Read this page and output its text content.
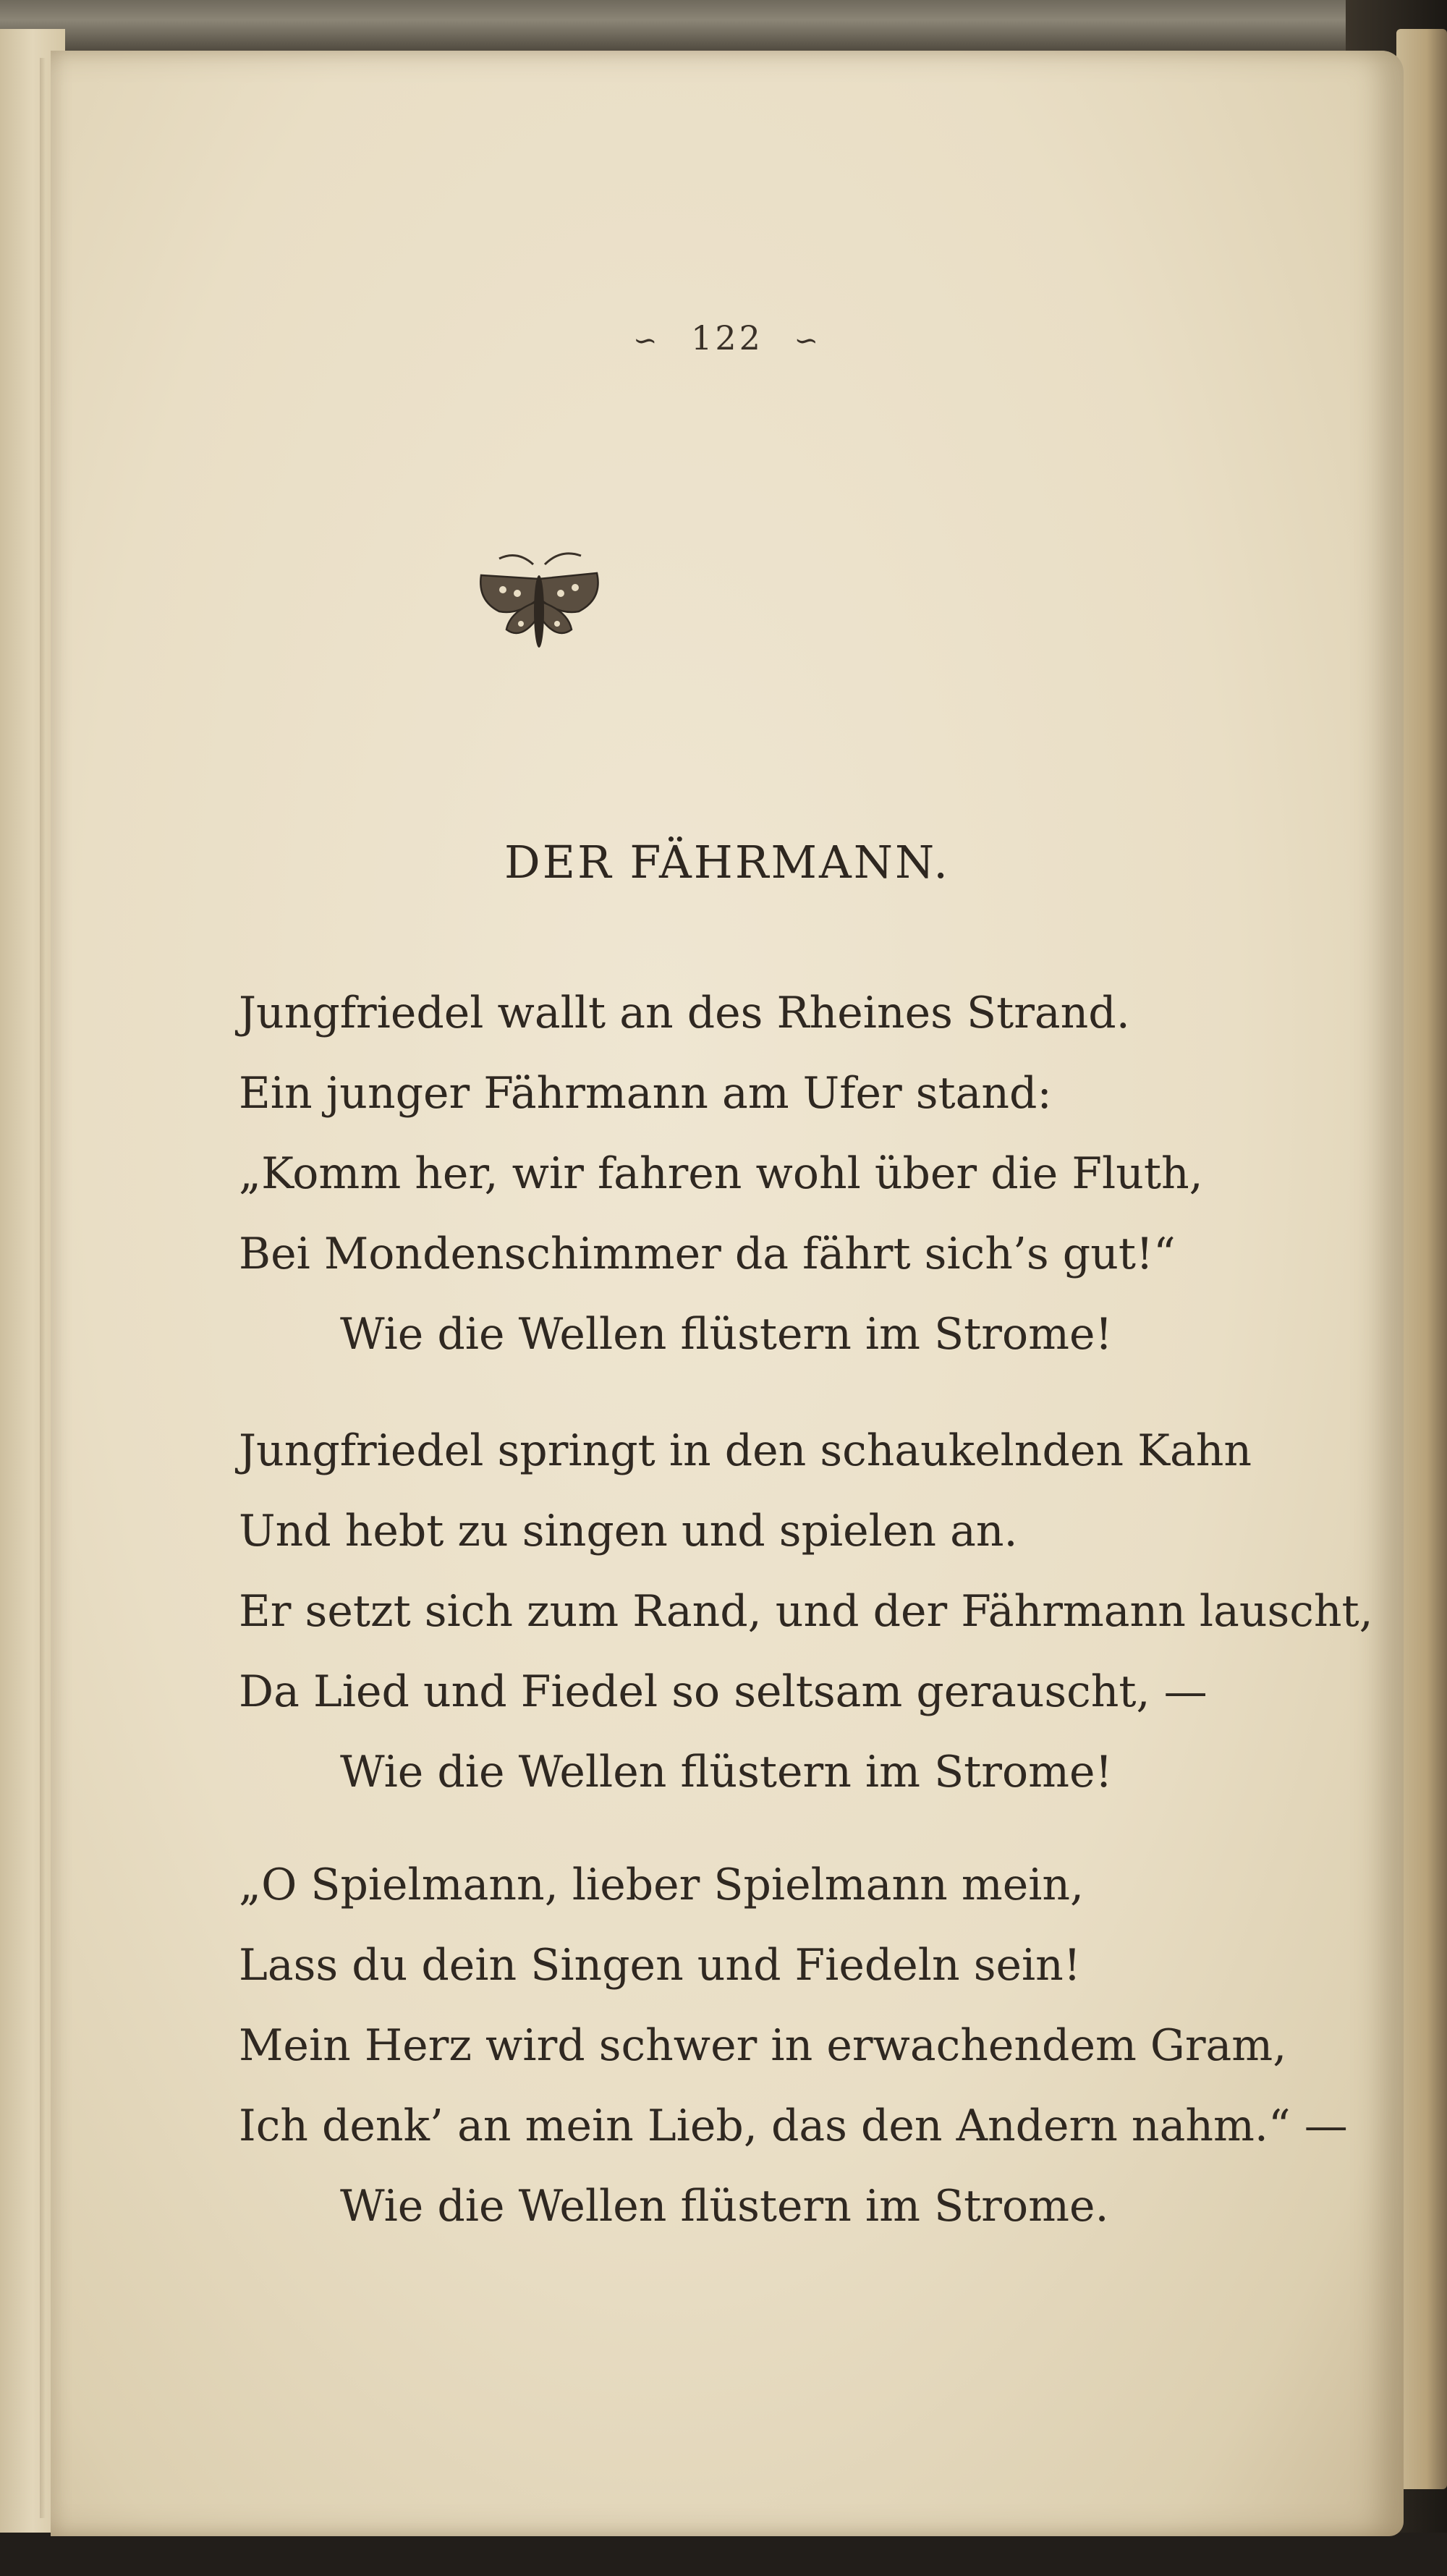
∽ 122 ∽
DER FÄHRMANN.
Jungfriedel wallt an des Rheines Strand.
Ein junger Fährmann am Ufer stand:
„Komm her, wir fahren wohl über die Fluth,
Bei Mondenschimmer da fährt sich’s gut!“
Wie die Wellen flüstern im Strome!
Jungfriedel springt in den schaukelnden Kahn
Und hebt zu singen und spielen an.
Er setzt sich zum Rand, und der Fährmann lauscht,
Da Lied und Fiedel so seltsam gerauscht, —
Wie die Wellen flüstern im Strome!
„O Spielmann, lieber Spielmann mein,
Lass du dein Singen und Fiedeln sein!
Mein Herz wird schwer in erwachendem Gram,
Ich denk’ an mein Lieb, das den Andern nahm.“ —
Wie die Wellen flüstern im Strome.
